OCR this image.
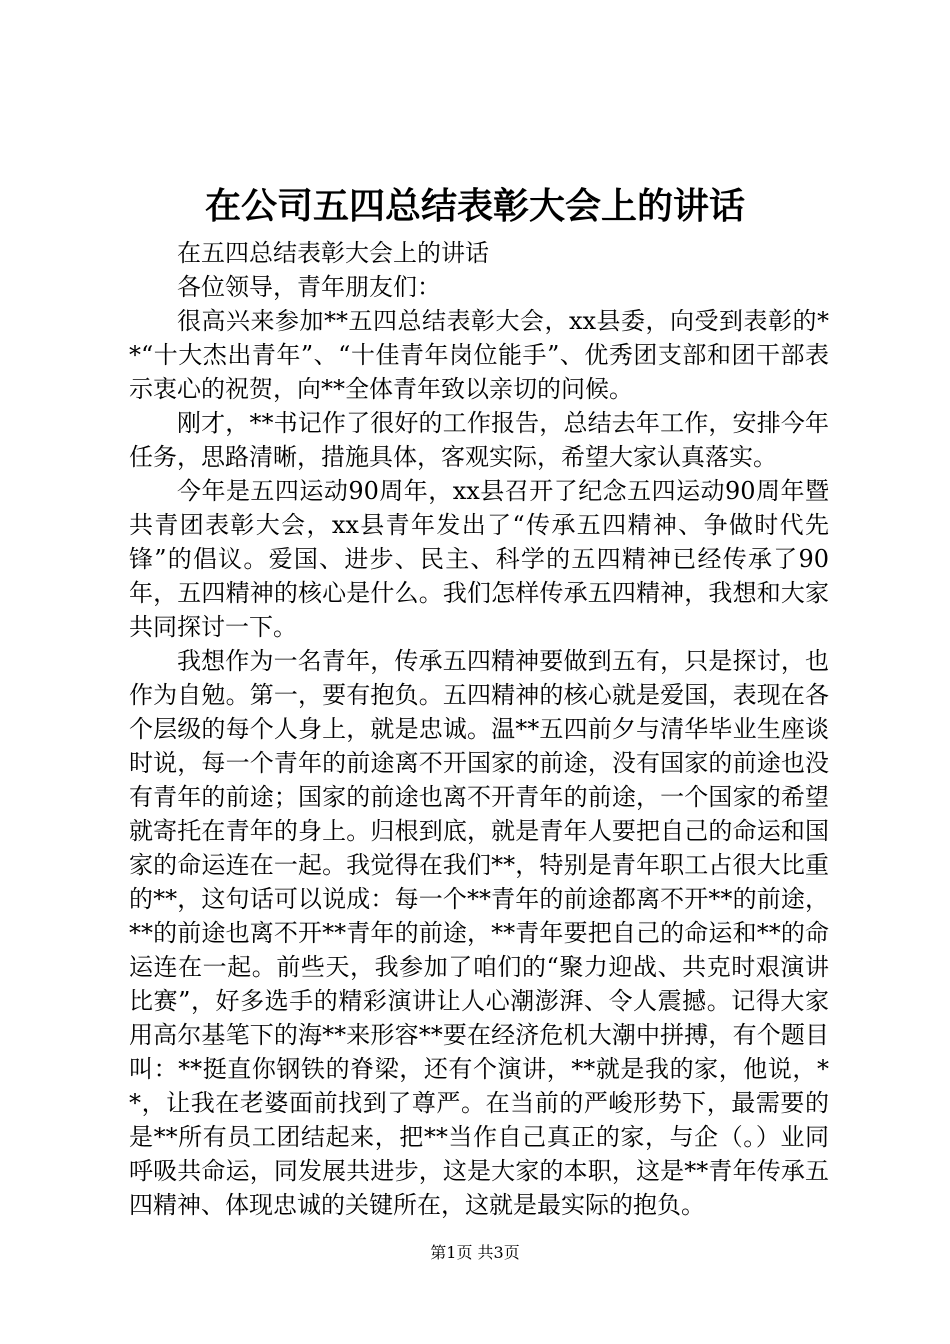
在公司五四总结表彰大会上的讲话

在五四总结表彰大会上的讲话

各位领导，青年朋友们：

很高兴来参加**五四总结表彰大会，xx县委，向受到表彰的**“十大杰出青年”、“十佳青年岗位能手”、优秀团支部和团干部表示衷心的祝贺，向**全体青年致以亲切的问候。

刚才，**书记作了很好的工作报告，总结去年工作，安排今年任务，思路清晰，措施具体，客观实际，希望大家认真落实。

今年是五四运动90周年，xx县召开了纪念五四运动90周年暨共青团表彰大会，xx县青年发出了“传承五四精神、争做时代先锋”的倡议。爱国、进步、民主、科学的五四精神已经传承了90年，五四精神的核心是什么。我们怎样传承五四精神，我想和大家共同探讨一下。

我想作为一名青年，传承五四精神要做到五有，只是探讨，也作为自勉。第一，要有抱负。五四精神的核心就是爱国，表现在各个层级的每个人身上，就是忠诚。温**五四前夕与清华毕业生座谈时说，每一个青年的前途离不开国家的前途，没有国家的前途也没有青年的前途；国家的前途也离不开青年的前途，一个国家的希望就寄托在青年的身上。归根到底，就是青年人要把自己的命运和国家的命运连在一起。我觉得在我们**，特别是青年职工占很大比重的**，这句话可以说成：每一个**青年的前途都离不开**的前途，**的前途也离不开**青年的前途，**青年要把自己的命运和**的命运连在一起。前些天，我参加了咱们的“聚力迎战、共克时艰演讲比赛”，好多选手的精彩演讲让人心潮澎湃、令人震撼。记得大家用高尔基笔下的海**来形容**要在经济危机大潮中拼搏，有个题目叫：**挺直你钢铁的脊梁，还有个演讲，**就是我的家，他说，**，让我在老婆面前找到了尊严。在当前的严峻形势下，最需要的是**所有员工团结起来，把**当作自己真正的家，与企（。）业同呼吸共命运，同发展共进步，这是大家的本职，这是**青年传承五四精神、体现忠诚的关键所在，这就是最实际的抱负。

第1页 共3页
